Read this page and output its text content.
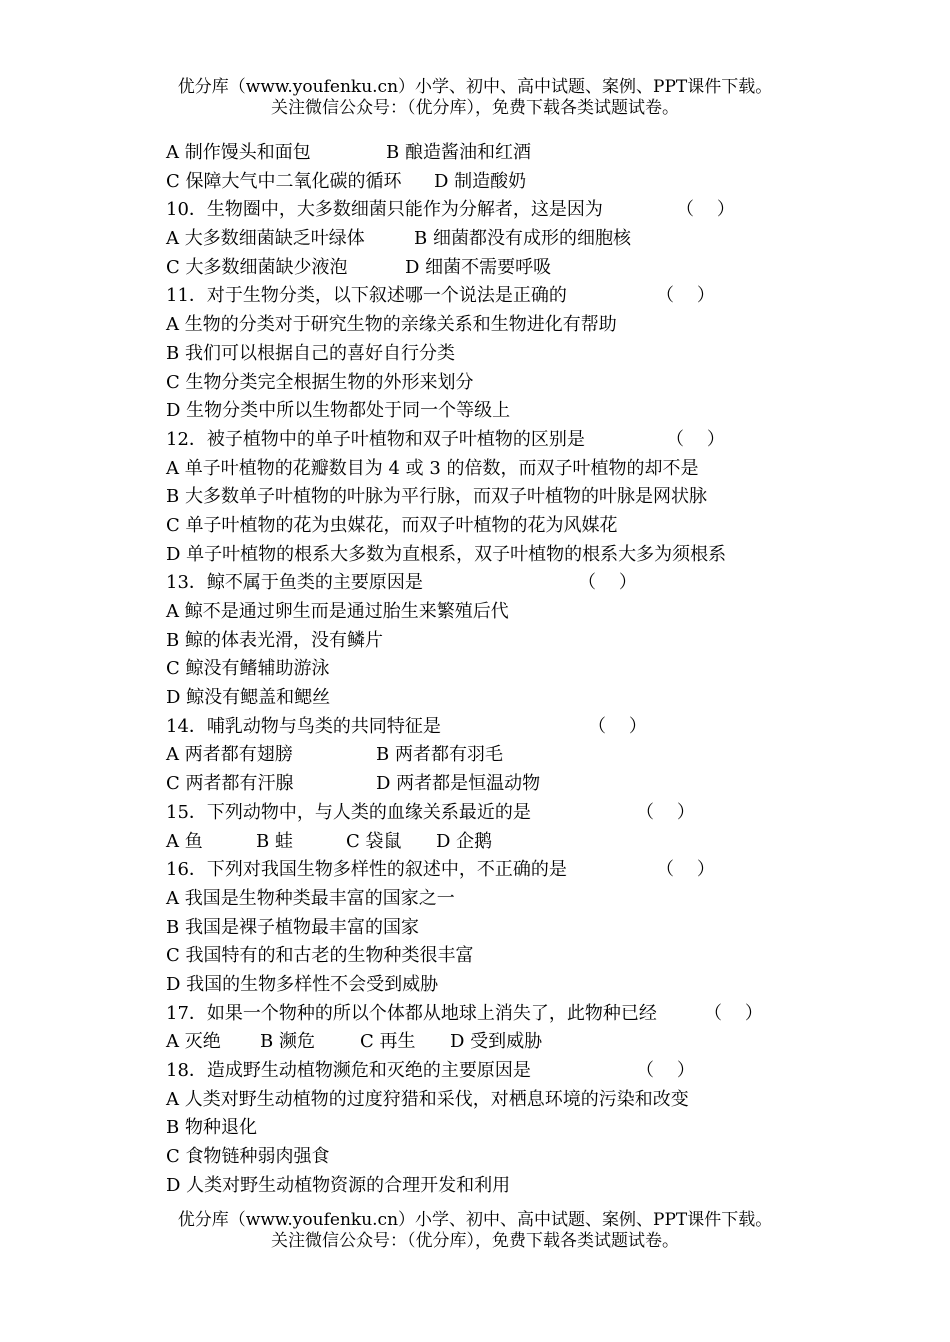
优分库（www.youfenku.cn）小学、初中、高中试题、案例、PPT课件下载。
关注微信公众号：（优分库），免费下载各类试题试卷。
A 制作馒头和面包	B 酿造酱油和红酒
C 保障大气中二氧化碳的循环 D 制造酸奶
10．生物圈中，大多数细菌只能作为分解者，这是因为	（    ）
A 大多数细菌缺乏叶绿体	B 细菌都没有成形的细胞核
C 大多数细菌缺少液泡	D 细菌不需要呼吸
11．对于生物分类，以下叙述哪一个说法是正确的	（    ）
A 生物的分类对于研究生物的亲缘关系和生物进化有帮助
B 我们可以根据自己的喜好自行分类
C 生物分类完全根据生物的外形来划分
D 生物分类中所以生物都处于同一个等级上
12．被子植物中的单子叶植物和双子叶植物的区别是	（    ）
A 单子叶植物的花瓣数目为 4 或 3 的倍数，而双子叶植物的却不是
B 大多数单子叶植物的叶脉为平行脉，而双子叶植物的叶脉是网状脉
C 单子叶植物的花为虫媒花，而双子叶植物的花为风媒花
D 单子叶植物的根系大多数为直根系，双子叶植物的根系大多为须根系
13．鲸不属于鱼类的主要原因是	（    ）
A 鲸不是通过卵生而是通过胎生来繁殖后代
B 鲸的体表光滑，没有鳞片
C 鲸没有鳍辅助游泳
D 鲸没有鳃盖和鳃丝
14．哺乳动物与鸟类的共同特征是	（    ）
A 两者都有翅膀	B 两者都有羽毛
C 两者都有汗腺	D 两者都是恒温动物
15．下列动物中，与人类的血缘关系最近的是	（    ）
A 鱼	B 蛙	C 袋鼠 D 企鹅
16．下列对我国生物多样性的叙述中，不正确的是	（    ）
A 我国是生物种类最丰富的国家之一
B 我国是裸子植物最丰富的国家
C 我国特有的和古老的生物种类很丰富
D 我国的生物多样性不会受到威胁
17．如果一个物种的所以个体都从地球上消失了，此物种已经	（    ）
A 灭绝 B 濒危	C 再生 D 受到威胁
18．造成野生动植物濒危和灭绝的主要原因是	（    ）
A 人类对野生动植物的过度狩猎和采伐，对栖息环境的污染和改变
B 物种退化
C 食物链种弱肉强食
D 人类对野生动植物资源的合理开发和利用
优分库（www.youfenku.cn）小学、初中、高中试题、案例、PPT课件下载。
关注微信公众号：（优分库），免费下载各类试题试卷。
